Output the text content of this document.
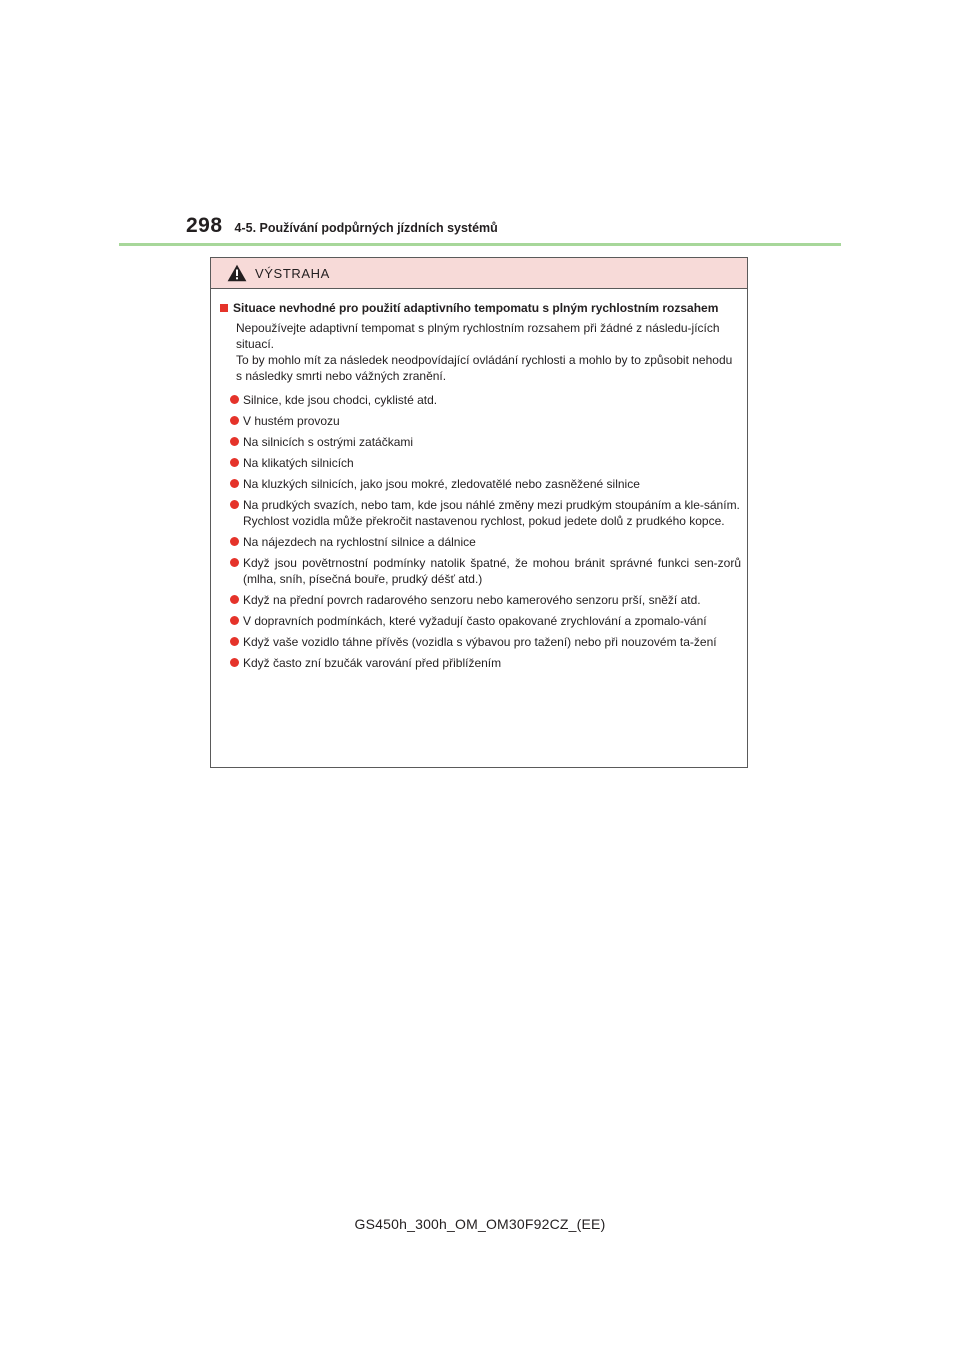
298 4-5. Používání podpůrných jízdních systémů
VÝSTRAHA
Situace nevhodné pro použití adaptivního tempomatu s plným rychlostním rozsahem

Nepoužívejte adaptivní tempomat s plným rychlostním rozsahem při žádné z následu-jících situací.

To by mohlo mít za následek neodpovídající ovládání rychlosti a mohlo by to způsobit nehodu s následky smrti nebo vážných zranění.

Silnice, kde jsou chodci, cyklisté atd.
V hustém provozu
Na silnicích s ostrými zatáčkami
Na klikatých silnicích
Na kluzkých silnicích, jako jsou mokré, zledovatělé nebo zasněžené silnice
Na prudkých svazích, nebo tam, kde jsou náhlé změny mezi prudkým stoupáním a kle-sáním.
Rychlost vozidla může překročit nastavenou rychlost, pokud jedete dolů z prudkého kopce.
Na nájezdech na rychlostní silnice a dálnice
Když jsou povětrnostní podmínky natolik špatné, že mohou bránit správné funkci sen-zorů (mlha, sníh, písečná bouře, prudký déšť atd.)
Když na přední povrch radarového senzoru nebo kamerového senzoru prší, sněží atd.
V dopravních podmínkách, které vyžadují často opakované zrychlování a zpomalo-vání
Když vaše vozidlo táhne přívěs (vozidla s výbavou pro tažení) nebo při nouzovém ta-žení
Když často zní bzučák varování před přiblížením
GS450h_300h_OM_OM30F92CZ_(EE)
